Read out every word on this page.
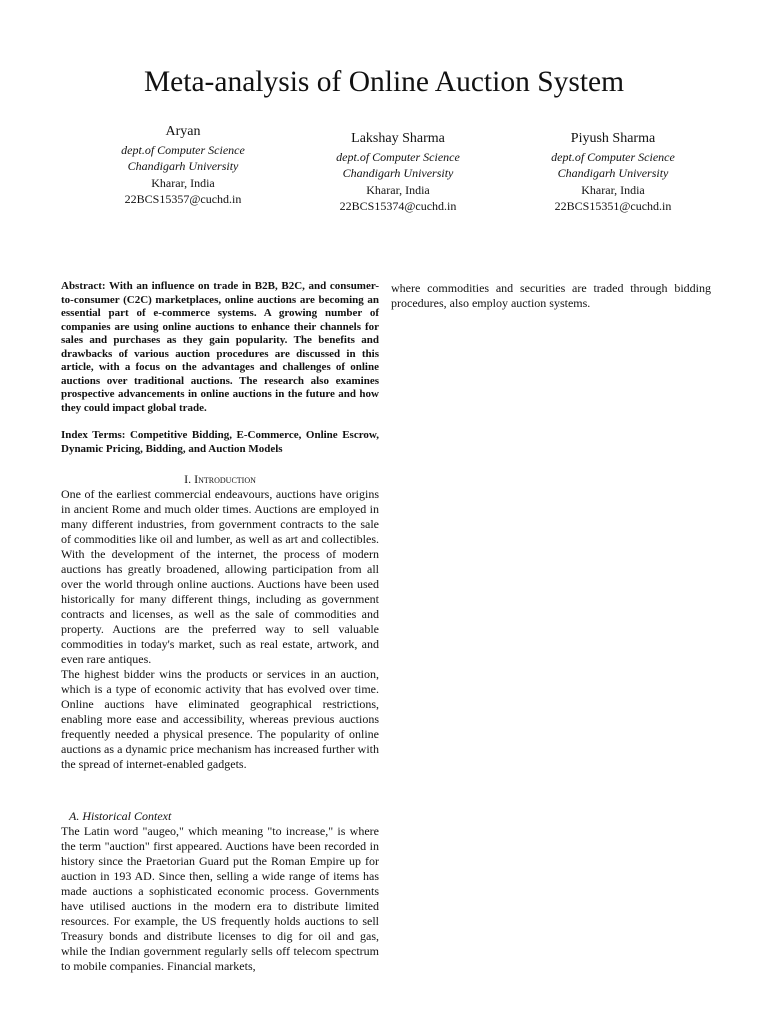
Meta-analysis of Online Auction System
Aryan
dept.of Computer Science
Chandigarh University
Kharar, India
22BCS15357@cuchd.in
Lakshay Sharma
dept.of Computer Science
Chandigarh University
Kharar, India
22BCS15374@cuchd.in
Piyush Sharma
dept.of Computer Science
Chandigarh University
Kharar, India
22BCS15351@cuchd.in

Abstract: With an influence on trade in B2B, B2C, and consumer- to-consumer (C2C) marketplaces, online auctions are becoming an essential part of e-commerce systems. A growing number of companies are using online auctions to enhance their channels for sales and purchases as they gain popularity. The benefits and drawbacks of various auction procedures are discussed in this article, with a focus on the advantages and challenges of online auctions over traditional auctions. The research also examines prospective advancements in online auctions in the future and how they could impact global trade.

Index Terms: Competitive Bidding, E-Commerce, Online Escrow, Dynamic Pricing, Bidding, and Auction Models

I. Introduction

One of the earliest commercial endeavours, auctions have origins in ancient Rome and much older times. Auctions are employed in many different industries, from government contracts to the sale of commodities like oil and lumber, as well as art and collectibles. With the development of the internet, the process of modern auctions has greatly broadened, allowing participation from all over the world through online auctions. Auctions have been used historically for many different things, including as government contracts and licenses, as well as the sale of commodities and property. Auctions are the preferred way to sell valuable commodities in today's market, such as real estate, artwork, and even rare antiques.

The highest bidder wins the products or services in an auction, which is a type of economic activity that has evolved over time. Online auctions have eliminated geographical restrictions, enabling more ease and accessibility, whereas previous auctions frequently needed a physical presence. The popularity of online auctions as a dynamic price mechanism has increased further with the spread of internet-enabled gadgets.

A. Historical Context

The Latin word "augeo," which meaning "to increase," is where the term "auction" first appeared. Auctions have been recorded in history since the Praetorian Guard put the Roman Empire up for auction in 193 AD. Since then, selling a wide range of items has made auctions a sophisticated economic process. Governments have utilised auctions in the modern era to distribute limited resources. For example, the US frequently holds auctions to sell Treasury bonds and distribute licenses to dig for oil and gas, while the Indian government regularly sells off telecom spectrum to mobile companies. Financial markets,

where commodities and securities are traded through bidding procedures, also employ auction systems.
